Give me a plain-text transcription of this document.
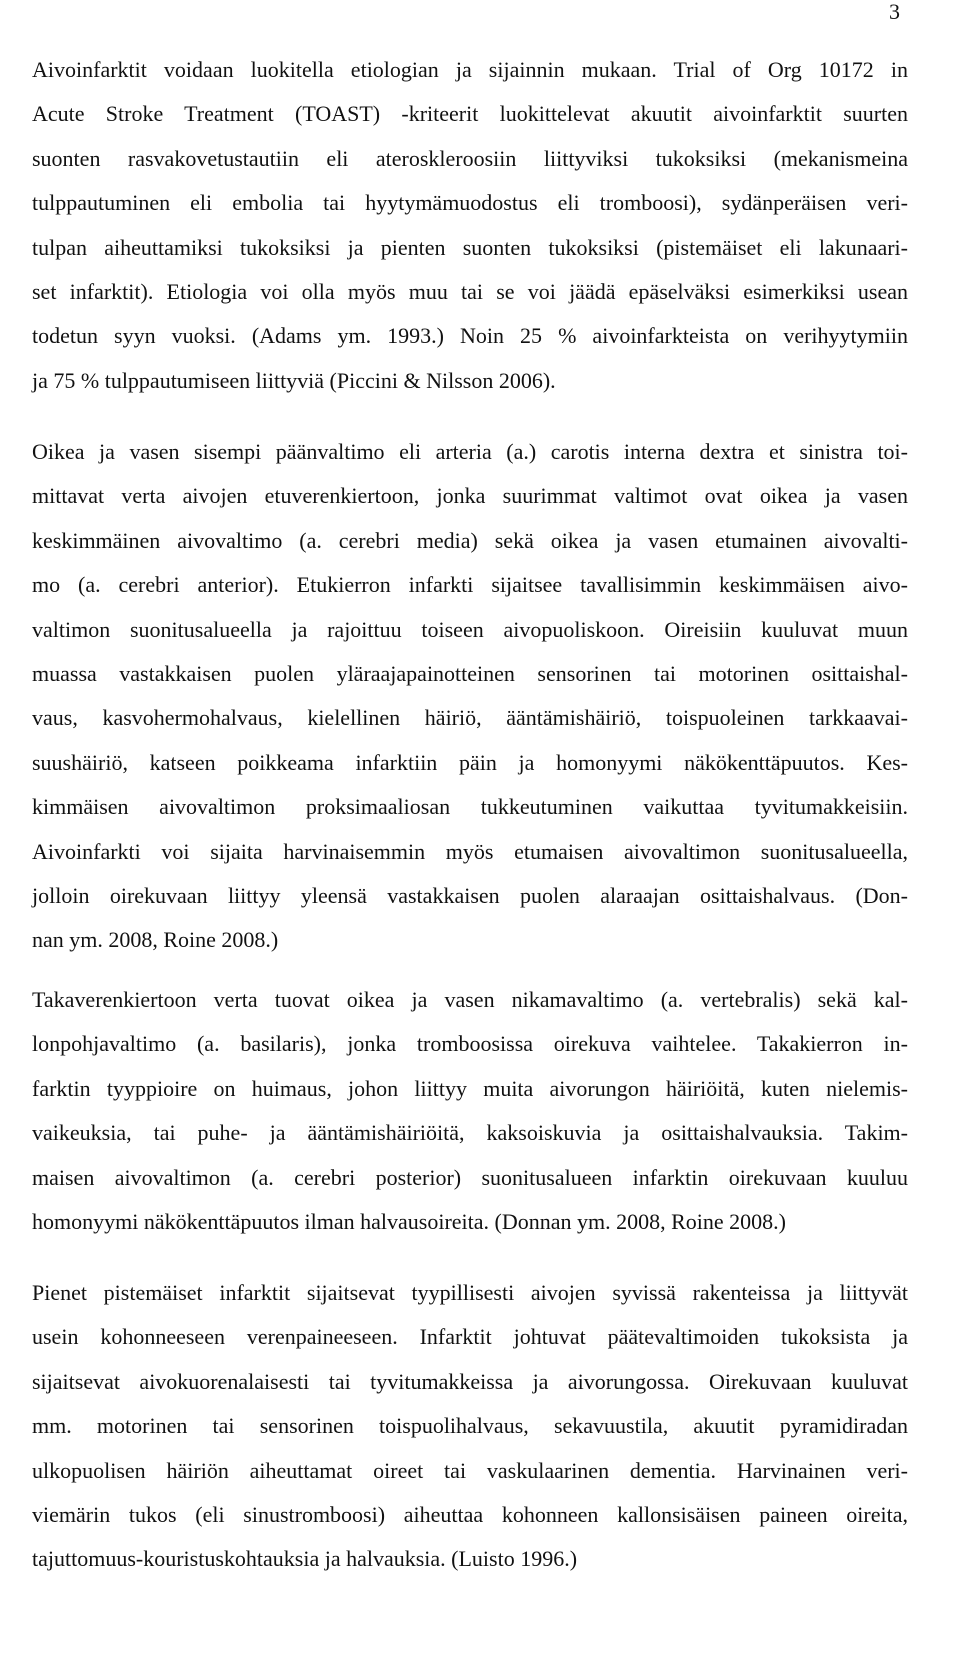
3

Aivoinfarktit voidaan luokitella etiologian ja sijainnin mukaan. Trial of Org 10172 in
Acute Stroke Treatment (TOAST) -kriteerit luokittelevat akuutit aivoinfarktit suurten
suonten rasvakovetustautiin eli ateroskleroosiin liittyviksi tukoksiksi (mekanismeina
tulppautuminen eli embolia tai hyytymämuodostus eli tromboosi), sydänperäisen veri-
tulpan aiheuttamiksi tukoksiksi ja pienten suonten tukoksiksi (pistemäiset eli lakunaari-
set infarktit). Etiologia voi olla myös muu tai se voi jäädä epäselväksi esimerkiksi usean
todetun syyn vuoksi. (Adams ym. 1993.) Noin 25 % aivoinfarkteista on verihyytymiin
ja 75 % tulppautumiseen liittyviä (Piccini & Nilsson 2006).

Oikea ja vasen sisempi päänvaltimo eli arteria (a.) carotis interna dextra et sinistra toi-
mittavat verta aivojen etuverenkiertoon, jonka suurimmat valtimot ovat oikea ja vasen
keskimmäinen aivovaltimo (a. cerebri media) sekä oikea ja vasen etumainen aivovalti-
mo (a. cerebri anterior). Etukierron infarkti sijaitsee tavallisimmin keskimmäisen aivo-
valtimon suonitusalueella ja rajoittuu toiseen aivopuoliskoon. Oireisiin kuuluvat muun
muassa vastakkaisen puolen yläraajapainotteinen sensorinen tai motorinen osittaishal-
vaus, kasvohermohalvaus, kielellinen häiriö, ääntämishäiriö, toispuoleinen tarkkaavai-
suushäiriö, katseen poikkeama infarktiin päin ja homonyymi näkökenttäpuutos. Kes-
kimmäisen aivovaltimon proksimaaliosan tukkeutuminen vaikuttaa tyvitumakkeisiin.
Aivoinfarkti voi sijaita harvinaisemmin myös etumaisen aivovaltimon suonitusalueella,
jolloin oirekuvaan liittyy yleensä vastakkaisen puolen alaraajan osittaishalvaus. (Don-
nan ym. 2008, Roine 2008.)

Takaverenkiertoon verta tuovat oikea ja vasen nikamavaltimo (a. vertebralis) sekä kal-
lonpohjavaltimo (a. basilaris), jonka tromboosissa oirekuva vaihtelee. Takakierron in-
farktin tyyppioire on huimaus, johon liittyy muita aivorungon häiriöitä, kuten nielemis-
vaikeuksia, tai puhe- ja ääntämishäiriöitä, kaksoiskuvia ja osittaishalvauksia. Takim-
maisen aivovaltimon (a. cerebri posterior) suonitusalueen infarktin oirekuvaan kuuluu
homonyymi näkökenttäpuutos ilman halvausoireita. (Donnan ym. 2008, Roine 2008.)

Pienet pistemäiset infarktit sijaitsevat tyypillisesti aivojen syvissä rakenteissa ja liittyvät
usein kohonneeseen verenpaineeseen. Infarktit johtuvat päätevaltimoiden tukoksista ja
sijaitsevat aivokuorenalaisesti tai tyvitumakkeissa ja aivorungossa. Oirekuvaan kuuluvat
mm. motorinen tai sensorinen toispuolihalvaus, sekavuustila, akuutit pyramidiradan
ulkopuolisen häiriön aiheuttamat oireet tai vaskulaarinen dementia. Harvinainen veri-
viemärin tukos (eli sinustromboosi) aiheuttaa kohonneen kallonsisäisen paineen oireita,
tajuttomuus-kouristuskohtauksia ja halvauksia. (Luisto 1996.)
